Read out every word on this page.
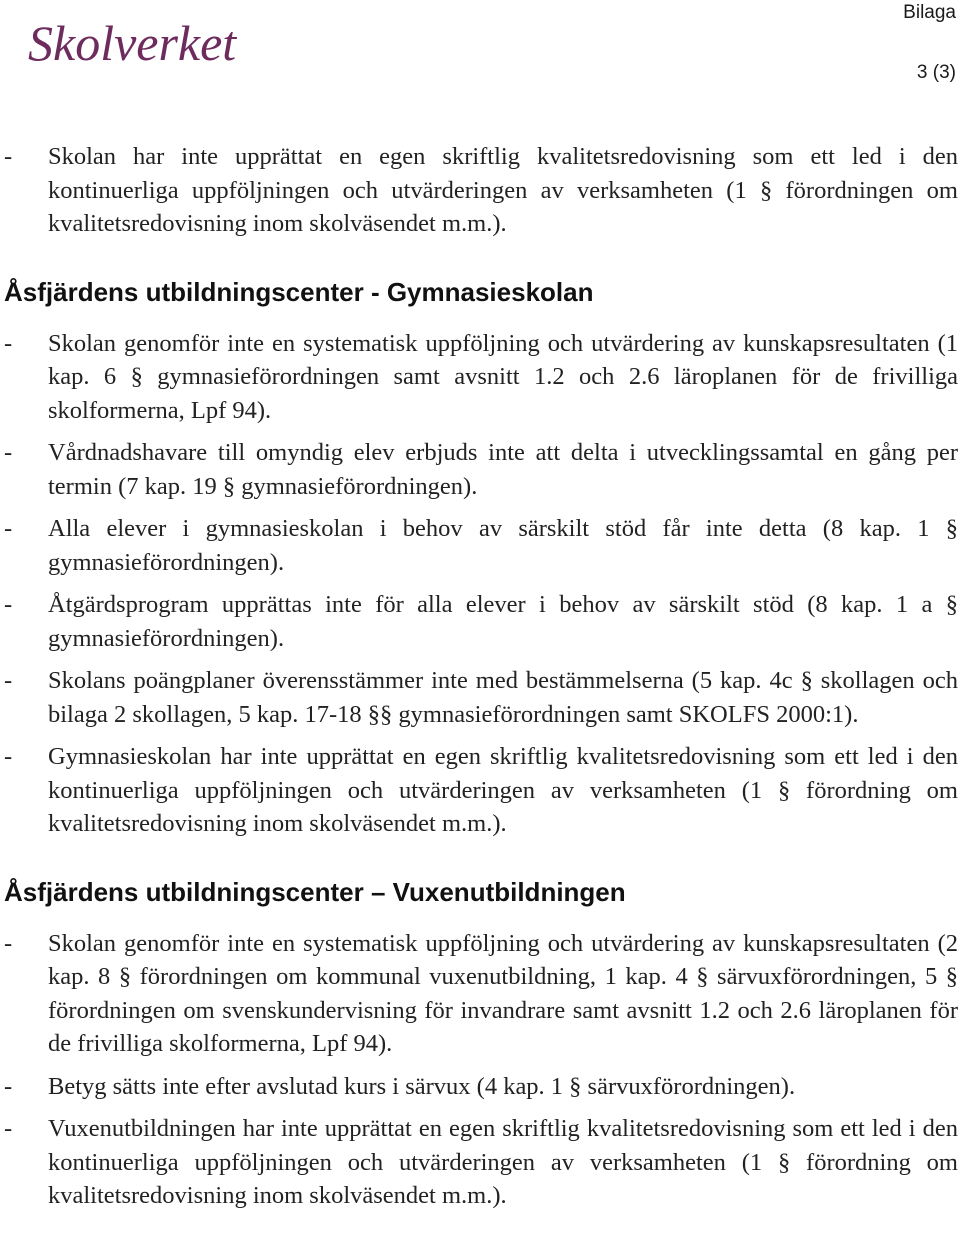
Skolverket
Bilaga
3 (3)

- Skolan har inte upprättat en egen skriftlig kvalitetsredovisning som ett led i den kontinuerliga uppföljningen och utvärderingen av verksamheten (1 § förordningen om kvalitetsredovisning inom skolväsendet m.m.).

Åsfjärdens utbildningscenter - Gymnasieskolan

- Skolan genomför inte en systematisk uppföljning och utvärdering av kunskapsresultaten (1 kap. 6 § gymnasieförordningen samt avsnitt 1.2 och 2.6 läroplanen för de frivilliga skolformerna, Lpf 94).

- Vårdnadshavare till omyndig elev erbjuds inte att delta i utvecklingssamtal en gång per termin (7 kap. 19 § gymnasieförordningen).

- Alla elever i gymnasieskolan i behov av särskilt stöd får inte detta (8 kap. 1 § gymnasieförordningen).

- Åtgärdsprogram upprättas inte för alla elever i behov av särskilt stöd (8 kap. 1 a § gymnasieförordningen).

- Skolans poängplaner överensstämmer inte med bestämmelserna (5 kap. 4c § skollagen och bilaga 2 skollagen, 5 kap. 17-18 §§ gymnasieförordningen samt SKOLFS 2000:1).

- Gymnasieskolan har inte upprättat en egen skriftlig kvalitetsredovisning som ett led i den kontinuerliga uppföljningen och utvärderingen av verksamheten (1 § förordning om kvalitetsredovisning inom skolväsendet m.m.).

Åsfjärdens utbildningscenter – Vuxenutbildningen

- Skolan genomför inte en systematisk uppföljning och utvärdering av kunskapsresultaten (2 kap. 8 § förordningen om kommunal vuxenutbildning, 1 kap. 4 § särvuxförordningen, 5 § förordningen om svenskundervisning för invandrare samt avsnitt 1.2 och 2.6 läroplanen för de frivilliga skolformerna, Lpf 94).

- Betyg sätts inte efter avslutad kurs i särvux (4 kap. 1 § särvuxförordningen).

- Vuxenutbildningen har inte upprättat en egen skriftlig kvalitetsredovisning som ett led i den kontinuerliga uppföljningen och utvärderingen av verksamheten (1 § förordning om kvalitetsredovisning inom skolväsendet m.m.).
